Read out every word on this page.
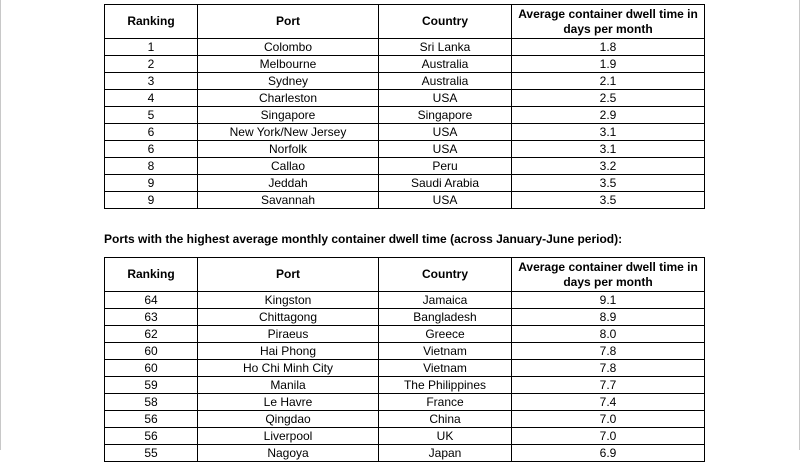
Ranking	Port	Country	Average container dwell time in days per month
1	Colombo	Sri Lanka	1.8
2	Melbourne	Australia	1.9
3	Sydney	Australia	2.1
4	Charleston	USA	2.5
5	Singapore	Singapore	2.9
6	New York/New Jersey	USA	3.1
6	Norfolk	USA	3.1
8	Callao	Peru	3.2
9	Jeddah	Saudi Arabia	3.5
9	Savannah	USA	3.5
Ports with the highest average monthly container dwell time (across January-June period):
Ranking	Port	Country	Average container dwell time in days per month
64	Kingston	Jamaica	9.1
63	Chittagong	Bangladesh	8.9
62	Piraeus	Greece	8.0
60	Hai Phong	Vietnam	7.8
60	Ho Chi Minh City	Vietnam	7.8
59	Manila	The Philippines	7.7
58	Le Havre	France	7.4
56	Qingdao	China	7.0
56	Liverpool	UK	7.0
55	Nagoya	Japan	6.9
